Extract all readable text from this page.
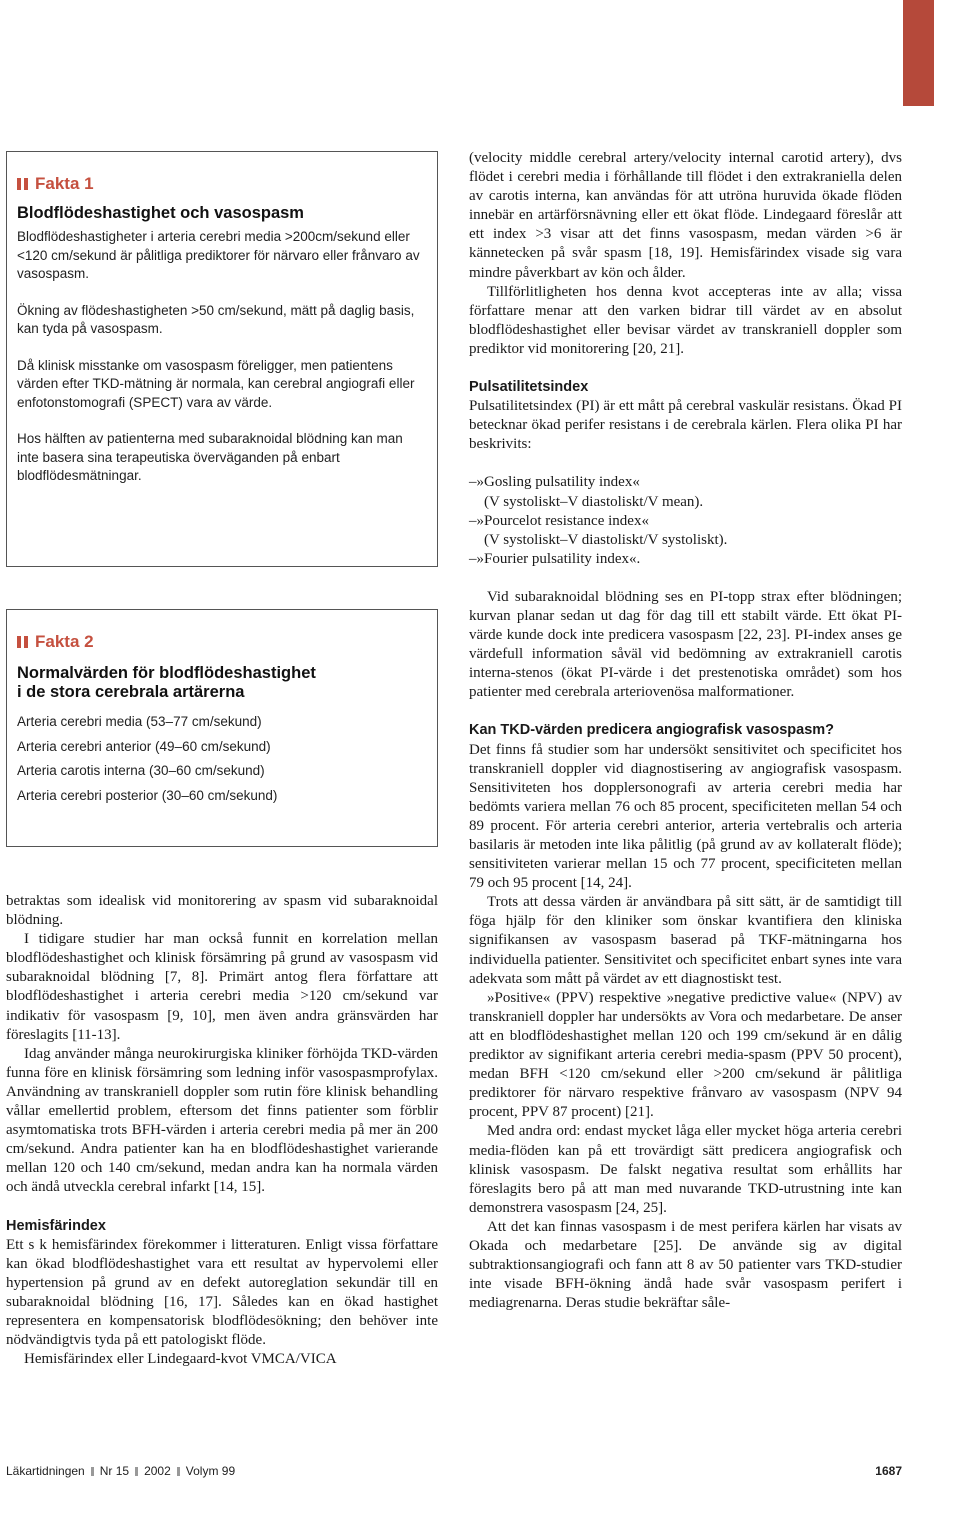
Fakta 1
Blodflödeshastighet och vasospasm

Blodflödeshastigheter i arteria cerebri media >200cm/sekund eller <120 cm/sekund är pålitliga prediktorer för närvaro eller frånvaro av vasospasm.

Ökning av flödeshastigheten >50 cm/sekund, mätt på daglig basis, kan tyda på vasospasm.

Då klinisk misstanke om vasospasm föreligger, men patientens värden efter TKD-mätning är normala, kan cerebral angiografi eller enfotonstomografi (SPECT) vara av värde.

Hos hälften av patienterna med subaraknoidal blödning kan man inte basera sina terapeutiska överväganden på enbart blodflödesmätningar.

Fakta 2
Normalvärden för blodflödeshastighet
i de stora cerebrala artärerna
Arteria cerebri media (53–77 cm/sekund)
Arteria cerebri anterior (49–60 cm/sekund)
Arteria carotis interna (30–60 cm/sekund)
Arteria cerebri posterior (30–60 cm/sekund)

betraktas som idealisk vid monitorering av spasm vid subaraknoidal blödning.

I tidigare studier har man också funnit en korrelation mellan blodflödeshastighet och klinisk försämring på grund av vasospasm vid subaraknoidal blödning [7, 8]. Primärt antog flera författare att blodflödeshastighet i arteria cerebri media >120 cm/sekund var indikativ för vasospasm [9, 10], men även andra gränsvärden har föreslagits [11-13].

Idag använder många neurokirurgiska kliniker förhöjda TKD-värden funna före en klinisk försämring som ledning inför vasospasmprofylax. Användning av transkraniell doppler som rutin före klinisk behandling vållar emellertid problem, eftersom det finns patienter som förblir asymtomatiska trots BFH-värden i arteria cerebri media på mer än 200 cm/sekund. Andra patienter kan ha en blodflödeshastighet varierande mellan 120 och 140 cm/sekund, medan andra kan ha normala värden och ändå utveckla cerebral infarkt [14, 15].

Hemisfärindex

Ett s k hemisfärindex förekommer i litteraturen. Enligt vissa författare kan ökad blodflödeshastighet vara ett resultat av hypervolemi eller hypertension på grund av en defekt autoreglation sekundär till en subaraknoidal blödning [16, 17]. Således kan en ökad hastighet representera en kompensatorisk blodflödesökning; den behöver inte nödvändigtvis tyda på ett patologiskt flöde.

Hemisfärindex eller Lindegaard-kvot VMCA/VICA

(velocity middle cerebral artery/velocity internal carotid artery), dvs flödet i cerebri media i förhållande till flödet i den extrakraniella delen av carotis interna, kan användas för att utröna huruvida ökade flöden innebär en artärförsnävning eller ett ökat flöde. Lindegaard föreslår att ett index >3 visar att det finns vasospasm, medan värden >6 är kännetecken på svår spasm [18, 19]. Hemisfärindex visade sig vara mindre påverkbart av kön och ålder.

Tillförlitligheten hos denna kvot accepteras inte av alla; vissa författare menar att den varken bidrar till värdet av en absolut blodflödeshastighet eller bevisar värdet av transkraniell doppler som prediktor vid monitorering [20, 21].

Pulsatilitetsindex

Pulsatilitetsindex (PI) är ett mått på cerebral vaskulär resistans. Ökad PI betecknar ökad perifer resistans i de cerebrala kärlen. Flera olika PI har beskrivits:

–»Gosling pulsatility index«
(V systoliskt–V diastoliskt/V mean).
–»Pourcelot resistance index«
(V systoliskt–V diastoliskt/V systoliskt).
–»Fourier pulsatility index«.

Vid subaraknoidal blödning ses en PI-topp strax efter blödningen; kurvan planar sedan ut dag för dag till ett stabilt värde. Ett ökat PI-värde kunde dock inte predicera vasospasm [22, 23]. PI-index anses ge värdefull information såväl vid bedömning av extrakraniell carotis interna-stenos (ökat PI-värde i det prestenotiska området) som hos patienter med cerebrala arteriovenösa malformationer.

Kan TKD-värden predicera angiografisk vasospasm?

Det finns få studier som har undersökt sensitivitet och specificitet hos transkraniell doppler vid diagnostisering av angiografisk vasospasm. Sensitiviteten hos dopplersonografi av arteria cerebri media har bedömts variera mellan 76 och 85 procent, specificiteten mellan 54 och 89 procent. För arteria cerebri anterior, arteria vertebralis och arteria basilaris är metoden inte lika pålitlig (på grund av av kollateralt flöde); sensitiviteten varierar mellan 15 och 77 procent, specificiteten mellan 79 och 95 procent [14, 24].

Trots att dessa värden är användbara på sitt sätt, är de samtidigt till föga hjälp för den kliniker som önskar kvantifiera den kliniska signifikansen av vasospasm baserad på TKF-mätningarna hos individuella patienter. Sensitivitet och specificitet enbart synes inte vara adekvata som mått på värdet av ett diagnostiskt test.

»Positive« (PPV) respektive »negative predictive value« (NPV) av transkraniell doppler har undersökts av Vora och medarbetare. De anser att en blodflödeshastighet mellan 120 och 199 cm/sekund är en dålig prediktor av signifikant arteria cerebri media-spasm (PPV 50 procent), medan BFH <120 cm/sekund eller >200 cm/sekund är pålitliga prediktorer för närvaro respektive frånvaro av vasospasm (NPV 94 procent, PPV 87 procent) [21].

Med andra ord: endast mycket låga eller mycket höga arteria cerebri media-flöden kan på ett trovärdigt sätt predicera angiografisk och klinisk vasospasm. De falskt negativa resultat som erhållits har föreslagits bero på att man med nuvarande TKD-utrustning inte kan demonstrera vasospasm [24, 25].

Att det kan finnas vasospasm i de mest perifera kärlen har visats av Okada och medarbetare [25]. De använde sig av digital subtraktionsangiografi och fann att 8 av 50 patienter vars TKD-studier inte visade BFH-ökning ändå hade svår vasospasm perifert i mediagrenarna. Deras studie bekräftar såle-

Läkartidningen Nr 15 2002 Volym 99	1687
